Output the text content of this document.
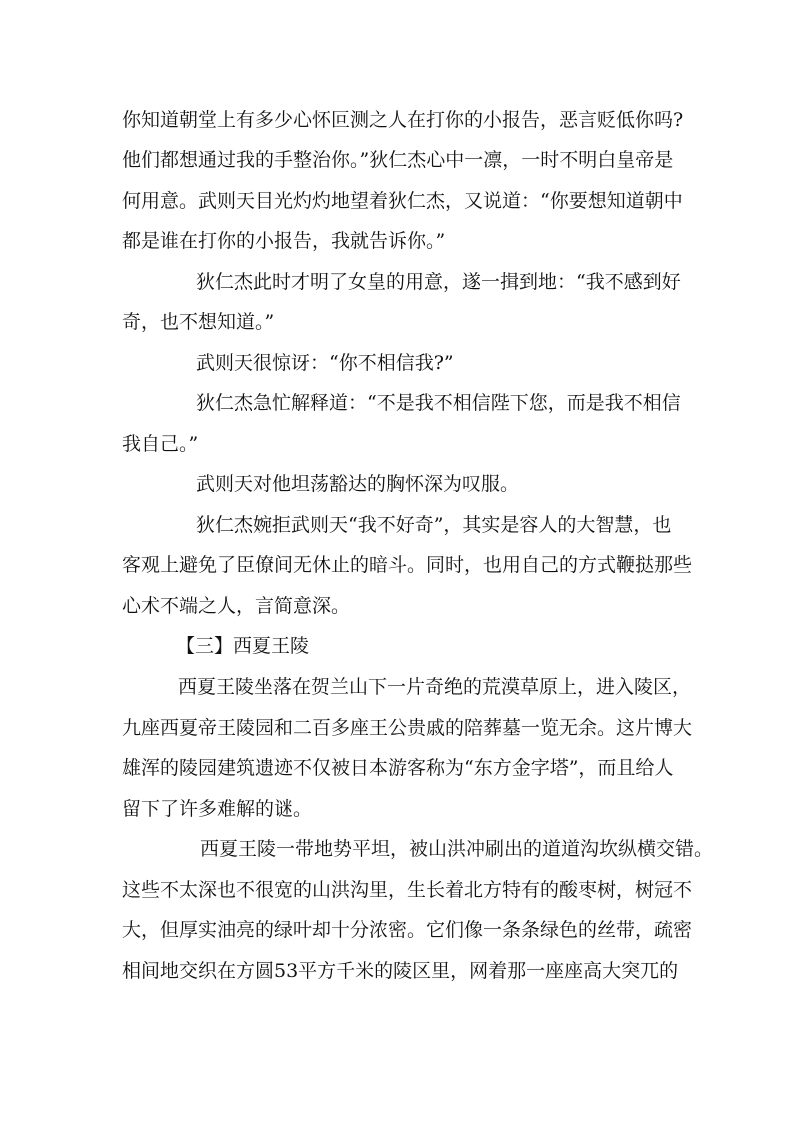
你知道朝堂上有多少心怀叵测之人在打你的小报告，恶言贬低你吗?
他们都想通过我的手整治你。”狄仁杰心中一凛，一时不明白皇帝是
何用意。武则天目光灼灼地望着狄仁杰，又说道：“你要想知道朝中
都是谁在打你的小报告，我就告诉你。”
狄仁杰此时才明了女皇的用意，遂一揖到地：“我不感到好
奇，也不想知道。”
武则天很惊讶：“你不相信我?”
狄仁杰急忙解释道：“不是我不相信陛下您，而是我不相信
我自己。”
武则天对他坦荡豁达的胸怀深为叹服。
狄仁杰婉拒武则天“我不好奇”，其实是容人的大智慧，也
客观上避免了臣僚间无休止的暗斗。同时，也用自己的方式鞭挞那些
心术不端之人，言简意深。
【三】西夏王陵
西夏王陵坐落在贺兰山下一片奇绝的荒漠草原上，进入陵区，
九座西夏帝王陵园和二百多座王公贵戚的陪葬墓一览无余。这片博大
雄浑的陵园建筑遗迹不仅被日本游客称为“东方金字塔”，而且给人
留下了许多难解的谜。
西夏王陵一带地势平坦，被山洪冲刷出的道道沟坎纵横交错。
这些不太深也不很宽的山洪沟里，生长着北方特有的酸枣树，树冠不
大，但厚实油亮的绿叶却十分浓密。它们像一条条绿色的丝带，疏密
相间地交织在方圆53平方千米的陵区里，网着那一座座高大突兀的
